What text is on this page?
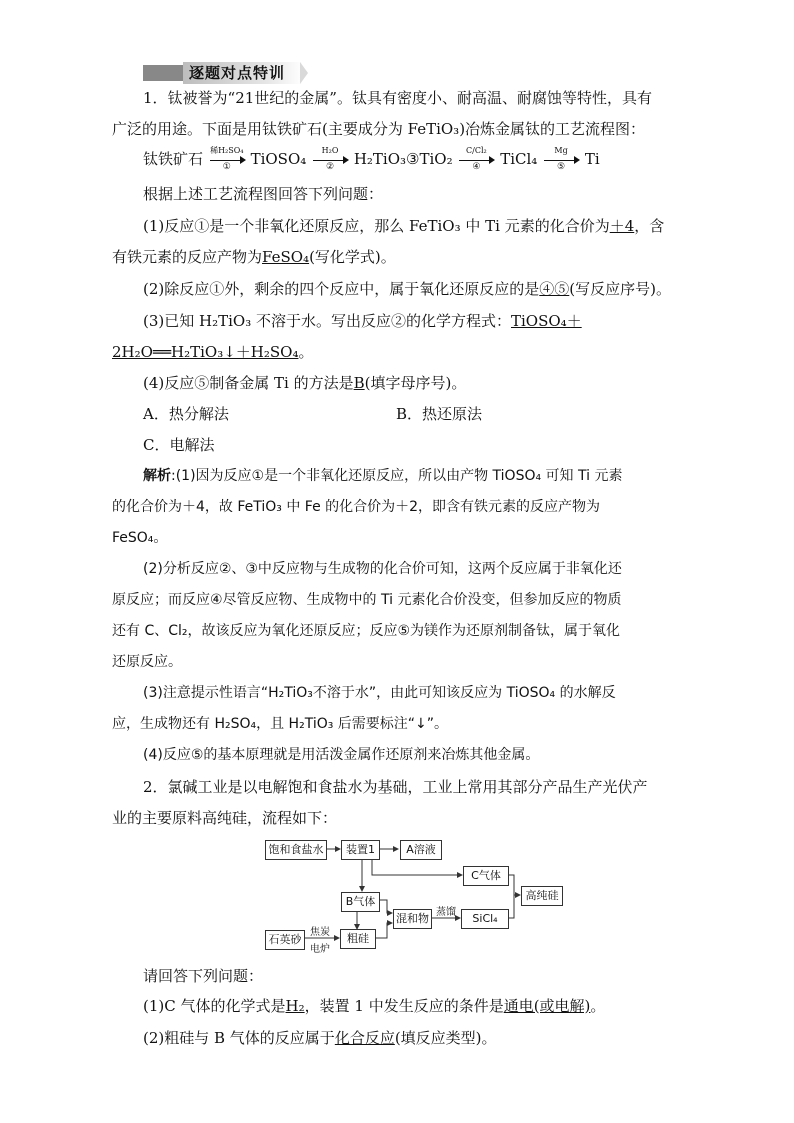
逐题对点特训
1．钛被誉为“21世纪的金属”。钛具有密度小、耐高温、耐腐蚀等特性，具有
广泛的用途。下面是用钛铁矿石(主要成分为 FeTiO₃)冶炼金属钛的工艺流程图：
钛铁矿石 稀H₂SO₄
①	TiOSO₄	H₂O
②	H₂TiO₃③TiO₂	C/Cl₂
④	TiCl₄	Mg
⑤	Ti
根据上述工艺流程图回答下列问题：
(1)反应①是一个非氧化还原反应，那么 FeTiO₃ 中 Ti 元素的化合价为＋4，含
有铁元素的反应产物为FeSO₄(写化学式)。
(2)除反应①外，剩余的四个反应中，属于氧化还原反应的是④⑤(写反应序号)。
(3)已知 H₂TiO₃ 不溶于水。写出反应②的化学方程式：TiOSO₄＋
2H₂O══H₂TiO₃↓＋H₂SO₄。
(4)反应⑤制备金属 Ti 的方法是B(填字母序号)。
A．热分解法	B．热还原法
C．电解法
解析:(1)因为反应①是一个非氧化还原反应，所以由产物 TiOSO₄ 可知 Ti 元素
的化合价为＋4，故 FeTiO₃ 中 Fe 的化合价为＋2，即含有铁元素的反应产物为
FeSO₄。
(2)分析反应②、③中反应物与生成物的化合价可知，这两个反应属于非氧化还
原反应；而反应④尽管反应物、生成物中的 Ti 元素化合价没变，但参加反应的物质
还有 C、Cl₂，故该反应为氧化还原反应；反应⑤为镁作为还原剂制备钛，属于氧化
还原反应。
(3)注意提示性语言“H₂TiO₃不溶于水”，由此可知该反应为 TiOSO₄ 的水解反
应，生成物还有 H₂SO₄，且 H₂TiO₃ 后需要标注“↓”。
(4)反应⑤的基本原理就是用活泼金属作还原剂来冶炼其他金属。
2．氯碱工业是以电解饱和食盐水为基础，工业上常用其部分产品生产光伏产
业的主要原料高纯硅，流程如下：
饱和食盐水	装置1	A溶液
C气体
B气体	高纯硅
混和物	SiCl₄
石英砂	粗硅
蒸馏
焦炭
电炉
请回答下列问题：
(1)C 气体的化学式是H₂，装置 1 中发生反应的条件是通电(或电解)。
(2)粗硅与 B 气体的反应属于化合反应(填反应类型)。
